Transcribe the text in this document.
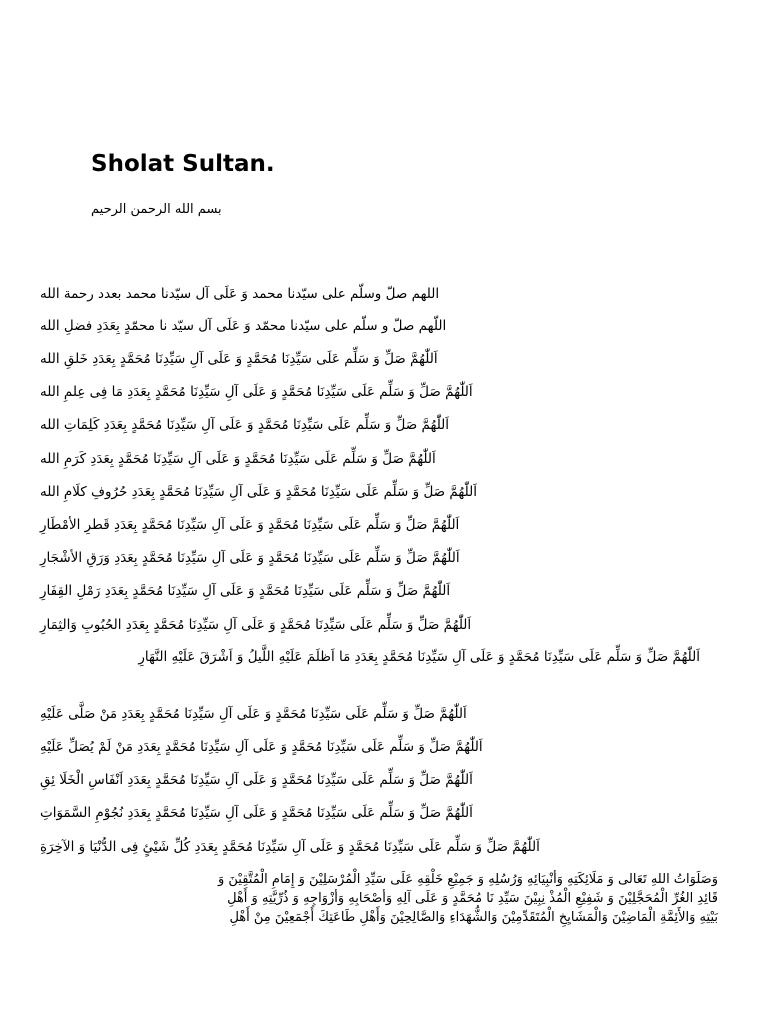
Sholat Sultan.
بسم الله الرحمن الرحيم
اللهم صلّ وسلّم على سيّدنا محمد وَ عَلَى آل سيّدنا محمد بعدد رحمة الله
اللّهم صلّ و سلّم على سيّدنا محمّد وَ عَلَى آل سيّد نا محمّدٍ بِعَدَدِ فضلِ الله
اَللّٰهُمَّ صَلِّ وَ سَلِّم عَلَى سَيِّدِنَا مُحَمَّدٍ وَ عَلَى آلِ سَيِّدِنَا مُحَمَّدٍ بِعَدَدِ خَلقِ الله
اَللّٰهُمَّ صَلِّ وَ سَلِّم عَلَى سَيِّدِنَا مُحَمَّدٍ وَ عَلَى آلِ سَيِّدِنَا مُحَمَّدٍ بِعَدَدِ مَا فِى عِلمِ الله
اَللّٰهُمَّ صَلِّ وَ سَلِّم عَلَى سَيِّدِنَا مُحَمَّدٍ وَ عَلَى آلِ سَيِّدِنَا مُحَمَّدٍ بِعَدَدِ كَلِمَاتِ الله
اَللّٰهُمَّ صَلِّ وَ سَلِّم عَلَى سَيِّدِنَا مُحَمَّدٍ وَ عَلَى آلِ سَيِّدِنَا مُحَمَّدٍ بِعَدَدِ كَرَمِ الله
اَللّٰهُمَّ صَلِّ وَ سَلِّم عَلَى سَيِّدِنَا مُحَمَّدٍ وَ عَلَى آلِ سَيِّدِنَا مُحَمَّدٍ بِعَدَدِ حُرُوفِ كلَامِ الله
اَللّٰهُمَّ صَلِّ وَ سَلِّم عَلَى سَيِّدِنَا مُحَمَّدٍ وَ عَلَى آلِ سَيِّدِنَا مُحَمَّدٍ بِعَدَدِ قَطرِ الأمْطَارِ
اَللّٰهُمَّ صَلِّ وَ سَلِّم عَلَى سَيِّدِنَا مُحَمَّدٍ وَ عَلَى آلِ سَيِّدِنَا مُحَمَّدٍ بِعَدَدِ وَرَقِ الأشْجَارِ
اَللّٰهُمَّ صَلِّ وَ سَلِّم عَلَى سَيِّدِنَا مُحَمَّدٍ وَ عَلَى آلِ سَيِّدِنَا مُحَمَّدٍ بِعَدَدِ رَمْلِ القِفَارِ
اَللّٰهُمَّ صَلِّ وَ سَلِّم عَلَى سَيِّدِنَا مُحَمَّدٍ وَ عَلَى آلِ سَيِّدِنَا مُحَمَّدٍ بِعَدَدِ الحُبُوبِ وَالثِمَارِ
اَللّٰهُمَّ صَلِّ وَ سَلِّم عَلَى سَيِّدِنَا مُحَمَّدٍ وَ عَلَى آلِ سَيِّدِنَا مُحَمَّدٍ بِعَدَدِ مَا اَظلَمَ عَلَيْهِ اللَّيلُ وَ اَشْرَقَ عَلَيْهِ النَّهَارِ
اَللّٰهُمَّ صَلِّ وَ سَلِّم عَلَى سَيِّدِنَا مُحَمَّدٍ وَ عَلَى آلِ سَيِّدِنَا مُحَمَّدٍ بِعَدَدِ مَنْ صَلَّى عَلَيْهِ
اَللّٰهُمَّ صَلِّ وَ سَلِّم عَلَى سَيِّدِنَا مُحَمَّدٍ وَ عَلَى آلِ سَيِّدِنَا مُحَمَّدٍ بِعَدَدِ مَنْ لَمْ يُصَلِّ عَلَيْهِ
اَللّٰهُمَّ صَلِّ وَ سَلِّم عَلَى سَيِّدِنَا مُحَمَّدٍ وَ عَلَى آلِ سَيِّدِنَا مُحَمَّدٍ بِعَدَدِ اَنْفَاسِ الْخَلَا ئِقِ
اَللّٰهُمَّ صَلِّ وَ سَلِّم عَلَى سَيِّدِنَا مُحَمَّدٍ وَ عَلَى آلِ سَيِّدِنَا مُحَمَّدٍ بِعَدَدِ نُجُوْمِ السَّمَوَاتِ
اَللّٰهُمَّ صَلِّ وَ سَلِّم عَلَى سَيِّدِنَا مُحَمَّدٍ وَ عَلَى آلِ سَيِّدِنَا مُحَمَّدٍ بِعَدَدِ كُلِّ شَيْئٍ فِى الدُّنْيَا وَ الآخِرَةِ
وَصَلَوَاتُ اللهِ تَعَالى وَ مَلَائِكَتِهِ وَأنْبِيَائِهِ وَرُسُلِهِ وَ جَمِيْعِ خَلْقِهِ عَلَى سَيِّدِ الْمُرْسَلِيْنَ وَ إِمَامِ الْمُتَّقِيْنَ وَ
قَائِدِ الغُرِّ الْمُحَجَّلِيْنَ وَ شَفِيْعِ الْمُذْ نِبِيْنَ سَيِّدِ نَا مُحَمَّدٍ وَ عَلَى آلِهِ وَأصْحَابِهِ وَأزْوَاجِهِ وَ ذُرِّيَّتِهِ وَ أَهْلِ
بَيْتِهِ وَالأَئِمَّةِ الْمَاضِيْنَ وَالْمَشَايِخِ الْمُتَقَدِّمِيْنَ وَالشُّهَدَاءِ وَالصَّالِحِيْنَ وَأَهْلِ طَاعَتِكَ أَجْمَعِيْنَ مِنْ أَهْلِ
